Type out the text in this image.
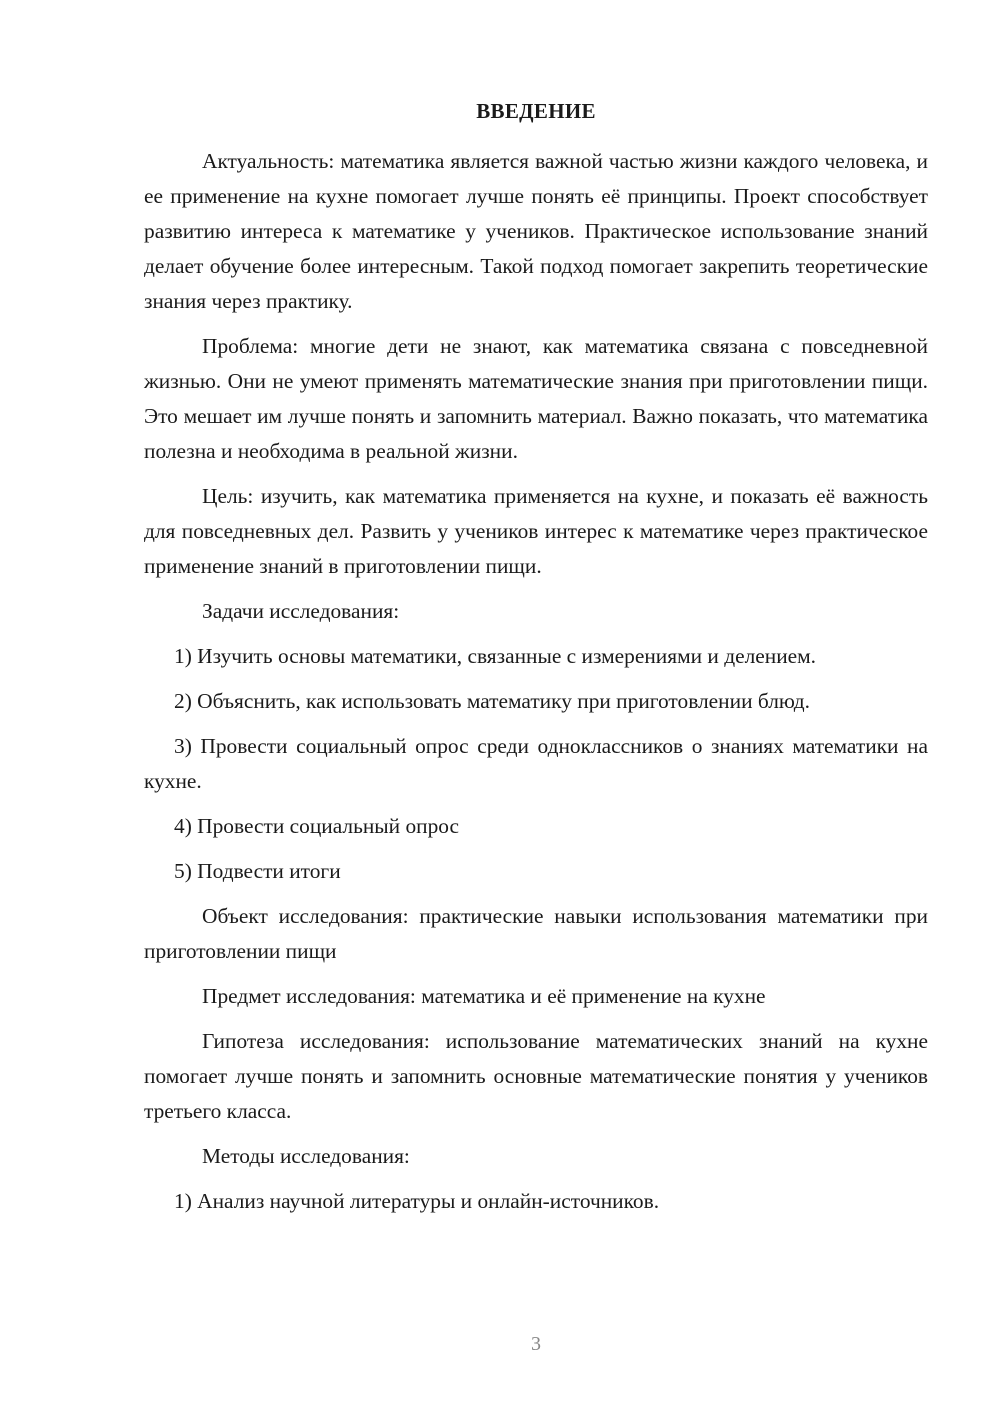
ВВЕДЕНИЕ

Актуальность: математика является важной частью жизни каждого человека, и ее применение на кухне помогает лучше понять её принципы. Проект способствует развитию интереса к математике у учеников. Практическое использование знаний делает обучение более интересным. Такой подход помогает закрепить теоретические знания через практику.

Проблема: многие дети не знают, как математика связана с повседневной жизнью. Они не умеют применять математические знания при приготовлении пищи. Это мешает им лучше понять и запомнить материал. Важно показать, что математика полезна и необходима в реальной жизни.

Цель: изучить, как математика применяется на кухне, и показать её важность для повседневных дел. Развить у учеников интерес к математике через практическое применение знаний в приготовлении пищи.

Задачи исследования:

1) Изучить основы математики, связанные с измерениями и делением.

2) Объяснить, как использовать математику при приготовлении блюд.

3) Провести социальный опрос среди одноклассников о знаниях математики на кухне.

4) Провести социальный опрос

5) Подвести итоги

Объект исследования: практические навыки использования математики при приготовлении пищи

Предмет исследования: математика и её применение на кухне

Гипотеза исследования: использование математических знаний на кухне помогает лучше понять и запомнить основные математические понятия у учеников третьего класса.

Методы исследования:

1) Анализ научной литературы и онлайн-источников.

3
